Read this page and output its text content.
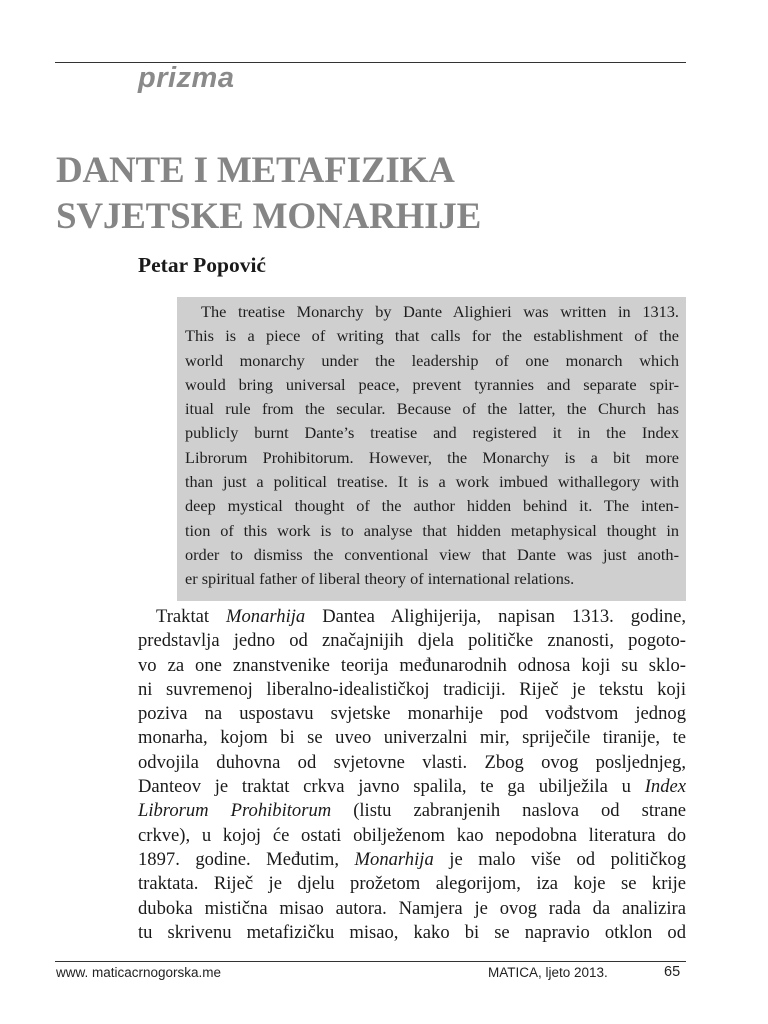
prizma
DANTE I METAFIZIKA
SVJETSKE MONARHIJE
Petar Popović
The treatise Monarchy by Dante Alighieri was written in 1313.
This is a piece of writing that calls for the establishment of the
world monarchy under the leadership of one monarch which
would bring universal peace, prevent tyrannies and separate spir-
itual rule from the secular. Because of the latter, the Church has
publicly burnt Dante’s treatise and registered it in the Index
Librorum Prohibitorum. However, the Monarchy is a bit more
than just a political treatise. It is a work imbued withallegory with
deep mystical thought of the author hidden behind it. The inten-
tion of this work is to analyse that hidden metaphysical thought in
order to dismiss the conventional view that Dante was just anoth-
er spiritual father of liberal theory of international relations.
Traktat Monarhija Dantea Alighijerija, napisan 1313. godine,
predstavlja jedno od značajnijih djela političke znanosti, pogoto-
vo za one znanstvenike teorija međunarodnih odnosa koji su sklo-
ni suvremenoj liberalno-idealističkoj tradiciji. Riječ je tekstu koji
poziva na uspostavu svjetske monarhije pod vođstvom jednog
monarha, kojom bi se uveo univerzalni mir, spriječile tiranije, te
odvojila duhovna od svjetovne vlasti. Zbog ovog posljednjeg,
Danteov je traktat crkva javno spalila, te ga ubilježila u Index
Librorum Prohibitorum (listu zabranjenih naslova od strane
crkve), u kojoj će ostati obilježenom kao nepodobna literatura do
1897. godine. Međutim, Monarhija je malo više od političkog
traktata. Riječ je djelu prožetom alegorijom, iza koje se krije
duboka mistična misao autora. Namjera je ovog rada da analizira
tu skrivenu metafizičku misao, kako bi se napravio otklon od
www. maticacrnogorska.me	MATICA, ljeto 2013.	65
